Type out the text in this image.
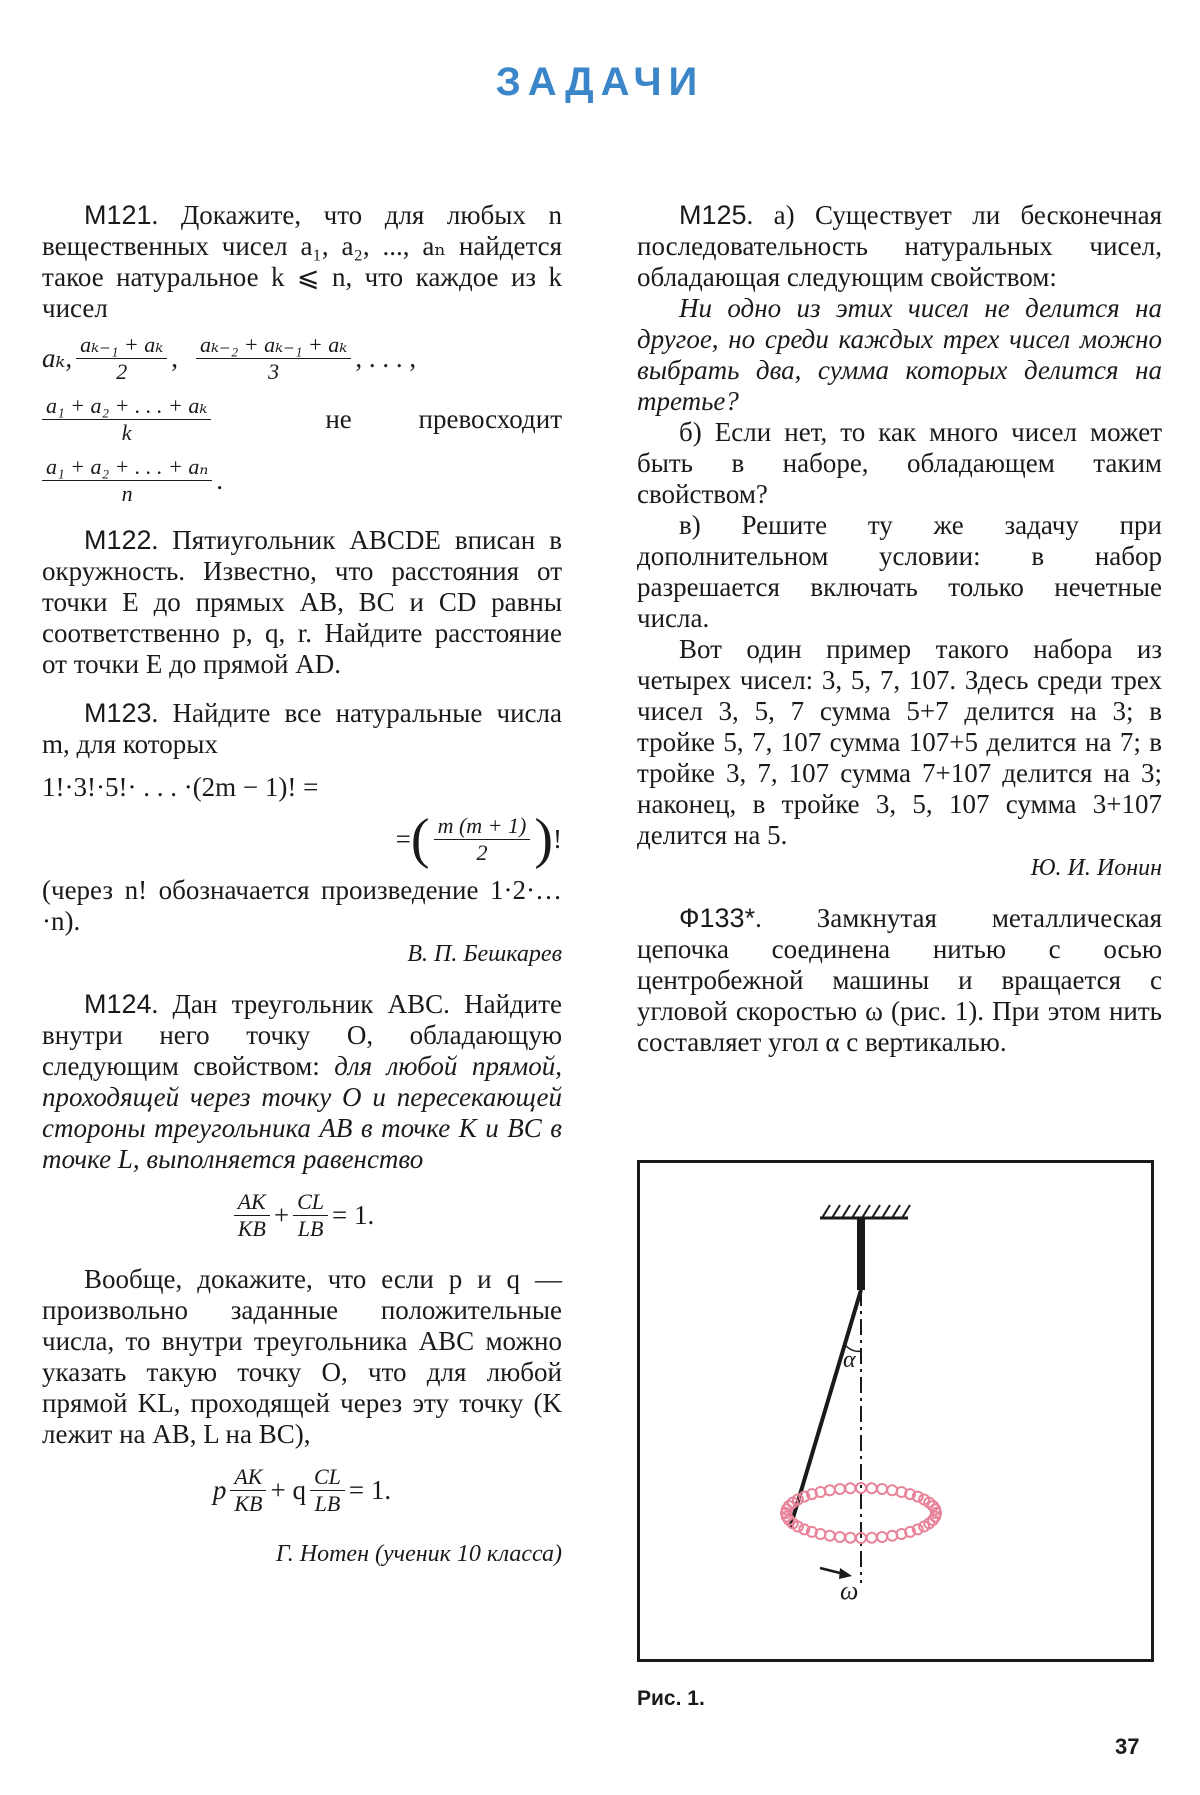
ЗАДАЧИ

М121. Докажите, что для любых n вещественных чисел a₁, a₂, ..., aₙ найдется такое натуральное k ⩽ n, что каждое из k чисел

aₖ, $\frac{\text{aₖ₋₁ + aₖ}}{2}$ , $\frac{\text{aₖ₋₂ + aₖ₋₁ + aₖ}}{3}$ , . . . ,
$\frac{\text{a₁ + a₂ + . . . + aₖ}}{k}$	не превосходит
$\frac{\text{a₁ + a₂ + . . . + aₙ}}{n}$ .

М122. Пятиугольник ABCDE вписан в окружность. Известно, что расстояния от точки E до прямых AB, BC и CD равны соответственно p, q, r. Найдите расстояние от точки E до прямой AD.

М123. Найдите все натуральные числа m, для которых

1!·3!·5!· . . . ·(2m − 1)! =
= ( $\frac{m (m + 1)}{2}$ ) !

(через n! обозначается произведение 1·2·…·n).

В. П. Бешкарев

М124. Дан треугольник ABC. Найдите внутри него точку O, обладающую следующим свойством: для любой прямой, проходящей через точку O и пересекающей стороны треугольника AB в точке K и BC в точке L, выполняется равенство

$\frac{AK}{KB} + \frac{CL}{LB} = 1$.

Вообще, докажите, что если p и q — произвольно заданные положительные числа, то внутри треугольника ABC можно указать такую точку O, что для любой прямой KL, проходящей через эту точку (K лежит на AB, L на BC),

p $\frac{AK}{KB} + q \frac{CL}{LB} = 1$.
Г. Нотен (ученик 10 класса)

М125. а) Существует ли бесконечная последовательность натуральных чисел, обладающая следующим свойством:

Ни одно из этих чисел не делится на другое, но среди каждых трех чисел можно выбрать два, сумма которых делится на третье?

б) Если нет, то как много чисел может быть в наборе, обладающем таким свойством?

в) Решите ту же задачу при дополнительном условии: в набор разрешается включать только нечетные числа.

Вот один пример такого набора из четырех чисел: 3, 5, 7, 107. Здесь среди трех чисел 3, 5, 7 сумма 5+7 делится на 3; в тройке 5, 7, 107 сумма 107+5 делится на 7; в тройке 3, 7, 107 сумма 7+107 делится на 3; наконец, в тройке 3, 5, 107 сумма 3+107 делится на 5.

Ю. И. Ионин

Ф133*. Замкнутая металлическая цепочка соединена нитью с осью центробежной машины и вращается с угловой скоростью ω (рис. 1). При этом нить составляет угол α с вертикалью.

α
ω
Рис. 1.
37
